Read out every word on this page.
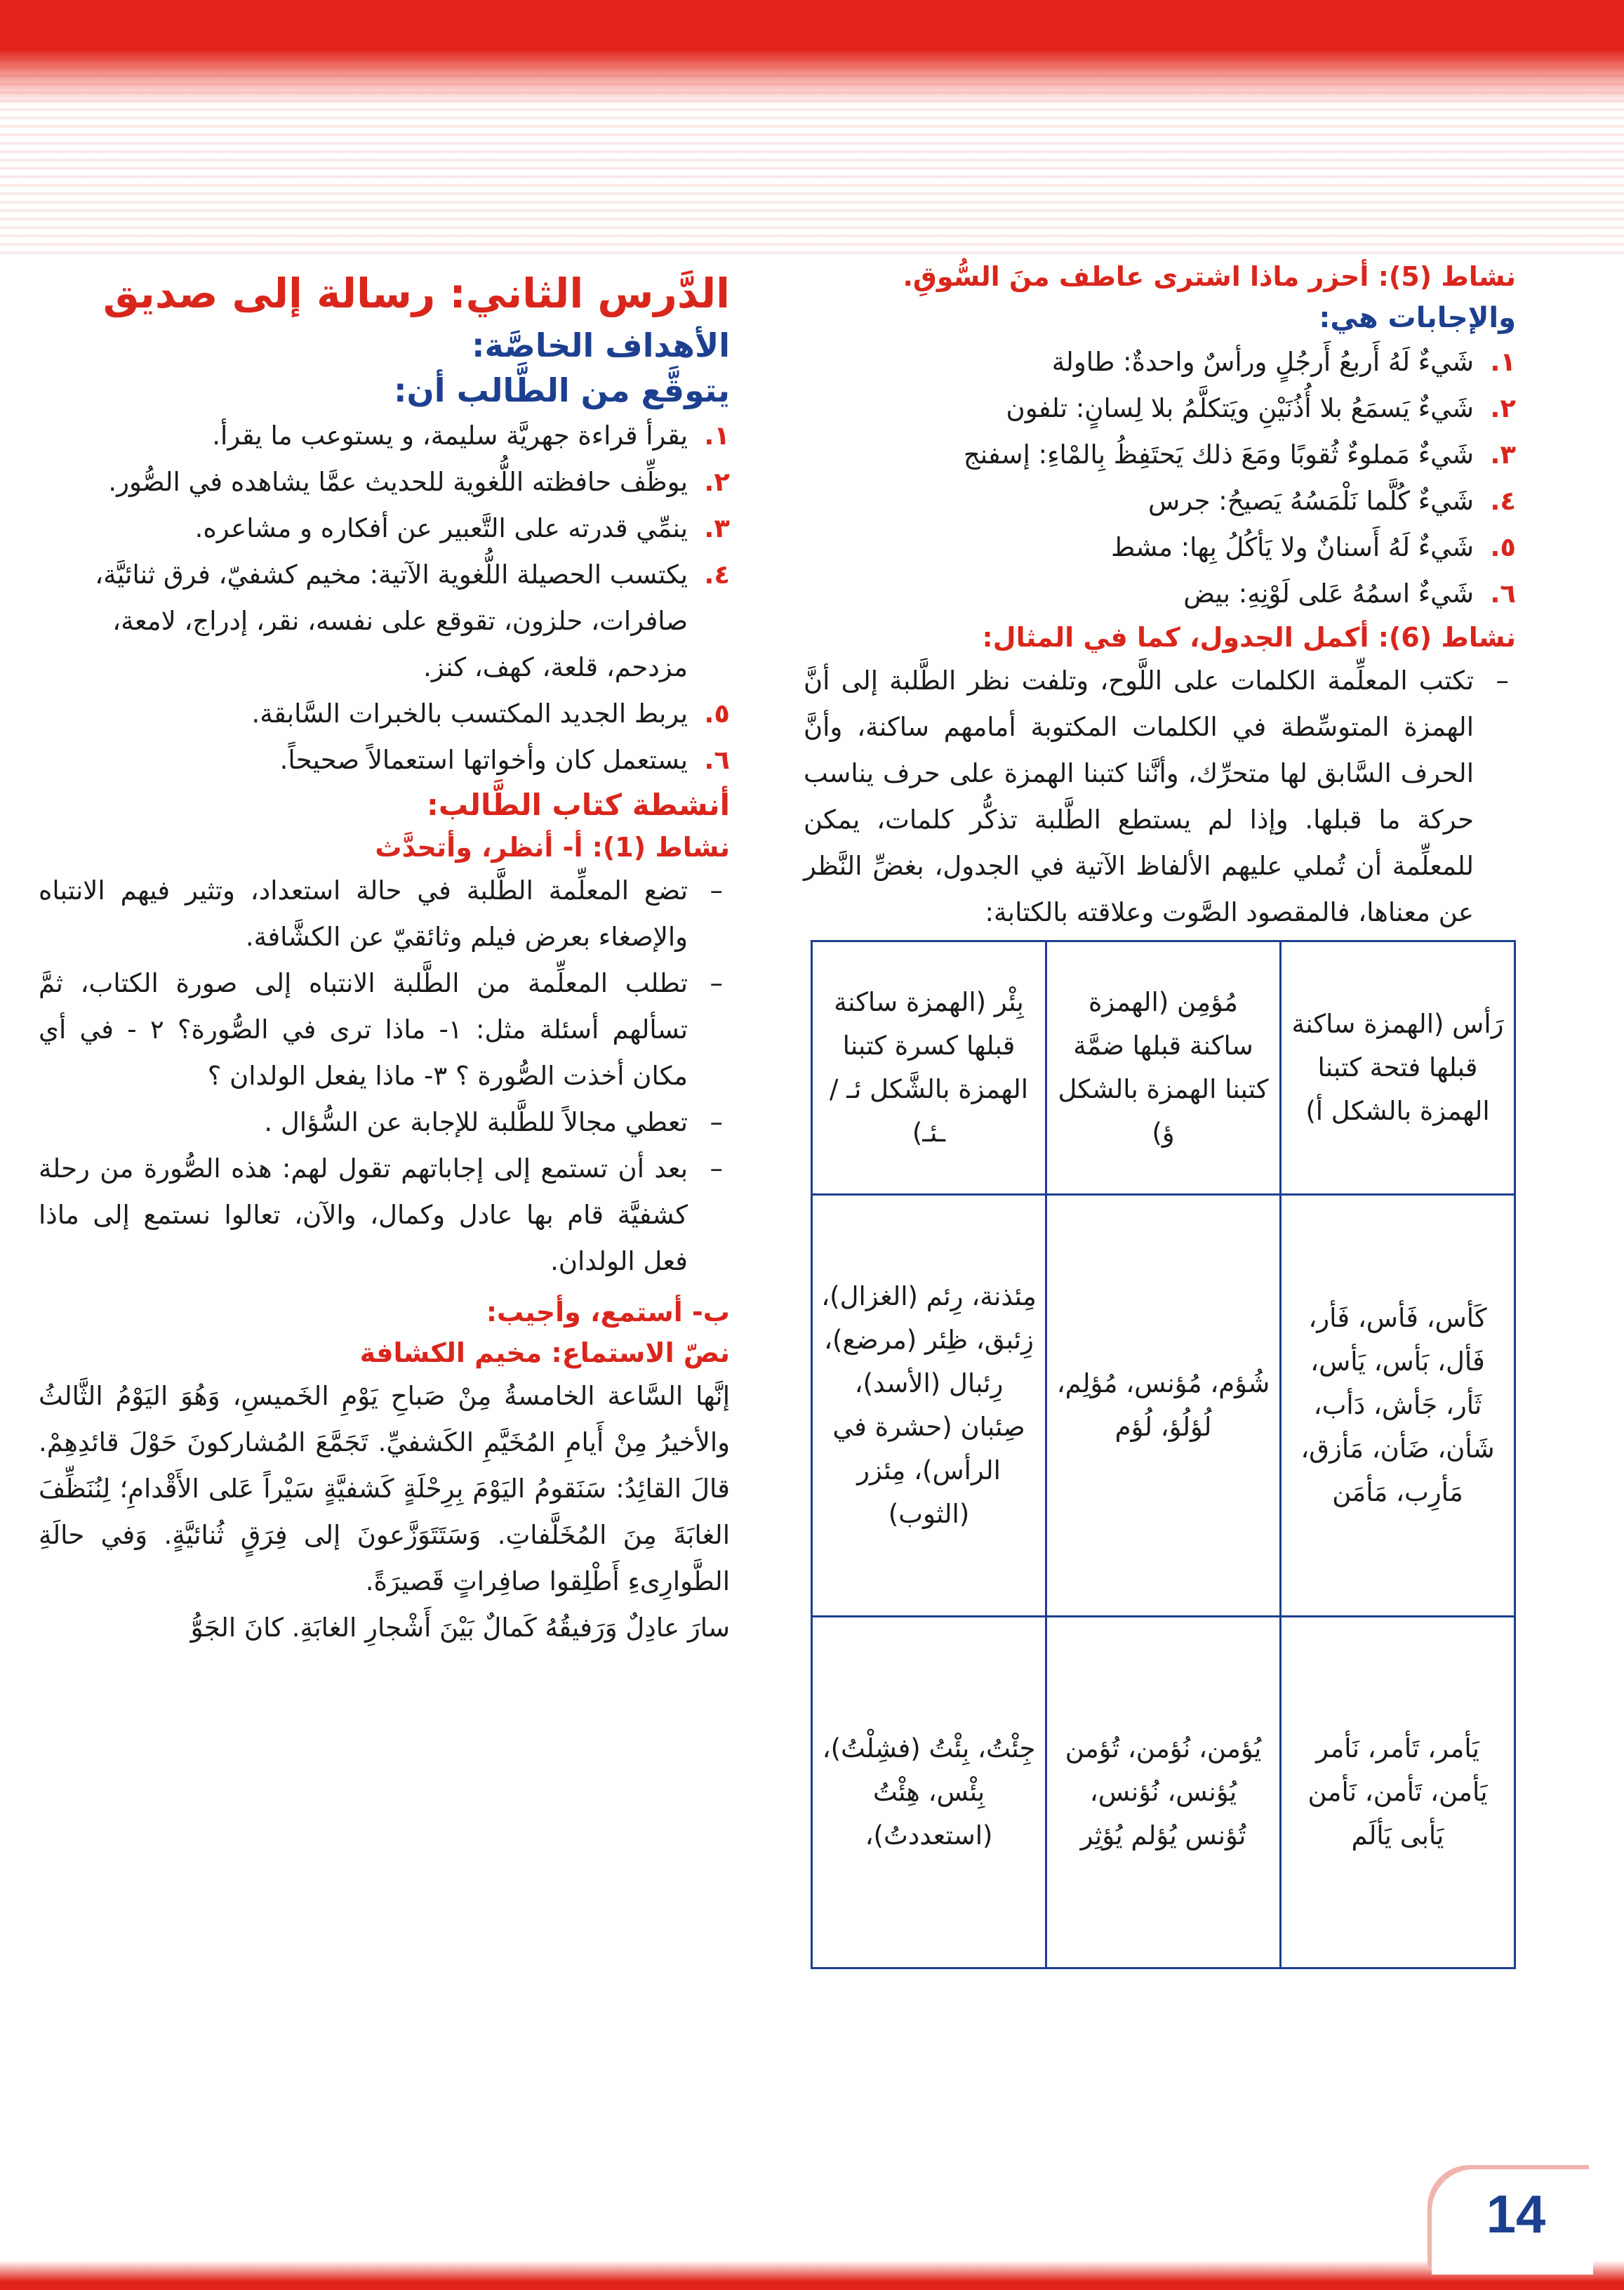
14

نشاط (5): أحزر ماذا اشترى عاطف منَ السُّوقِ.

والإجابات هي:

١.
شَيءٌ لَهُ أَربعُ أَرجُلٍ ورأسٌ واحدةٌ: طاولة
٢.
شَيءٌ يَسمَعُ بلا أُذُنَيْنِ ويَتكلَّمُ بلا لِسانٍ: تلفون
٣.
شَيءٌ مَملوءٌ ثُقوبًا ومَعَ ذلك يَحتَفِظُ بِالمْاءِ: إسفنج
٤.
شَيءٌ كُلَّما نَلْمَسُهُ يَصيحُ: جرس
٥.
شَيءٌ لَهُ أَسنانٌ ولا يَأكُلُ بِها: مشط
٦.
شَيءٌ اسمُهُ عَلى لَوْنِهِ: بيض

نشاط (6): أكمل الجدول، كما في المثال:

– تكتب المعلِّمة الكلمات على اللَّوح، وتلفت نظر الطَّلبة إلى أنَّ الهمزة المتوسِّطة في الكلمات المكتوبة أمامهم ساكنة، وأنَّ الحرف السَّابق لها متحرِّك، وأنَّنا كتبنا الهمزة على حرف يناسب حركة ما قبلها. وإذا لم يستطع الطَّلبة تذكُّر كلمات، يمكن للمعلِّمة أن تُملي عليهم الألفاظ الآتية في الجدول، بغضِّ النَّظر عن معناها، فالمقصود الصَّوت وعلاقته بالكتابة:
رَأس (الهمزة ساكنة قبلها فتحة كتبنا الهمزة بالشكل أ)	مُؤمِن (الهمزة ساكنة قبلها ضمَّة كتبنا الهمزة بالشكل ؤ)	بِئْر (الهمزة ساكنة قبلها كسرة كتبنا الهمزة بالشَّكل ئـ / ـئـ)
كَأس، فَأس، فَأر، فَأل، بَأس، يَأس، ثَأر، جَأش، دَأب، شَأن، ضَأن، مَأزق، مَأرِب، مَأمَن	شُؤم، مُؤنس، مُؤلِم، لُؤلُؤ، لُؤم	مِئذنة، رِئم (الغزال)، زِئبق، ظِئر (مرضع)، رِئبال (الأسد)، صِئبان (حشرة في الرأس)، مِئزر (الثوب)
يَأمر، تَأمر، نَأمر يَأمن، تَأمن، نَأمن يَأبى يَألَم	يُؤمن، نُؤمن، تُؤمن يُؤنس، نُؤنس، تُؤنس يُؤلم يُؤثِر	جِئْتُ، بِئْتُ (فشِلْتُ)، بِئْس، هِئْتُ (استعددتُ)،

الدَّرس الثاني: رسالة إلى صديق

الأهداف الخاصَّة:

يتوقَّع من الطَّالب أن:

١.
يقرأ قراءة جهريَّة سليمة، و يستوعب ما يقرأ.
٢.
يوظِّف حافظته اللُّغوية للحديث عمَّا يشاهده في الصُّور.
٣.
ينمِّي قدرته على التَّعبير عن أفكاره و مشاعره.
٤.
يكتسب الحصيلة اللُّغوية الآتية: مخيم كشفيّ، فرق ثنائيَّة، صافرات، حلزون، تقوقع على نفسه، نقر، إدراج، لامعة، مزدحم، قلعة، كهف، كنز.
٥.
يربط الجديد المكتسب بالخبرات السَّابقة.
٦.
يستعمل كان وأخواتها استعمالاً صحيحاً.

أنشطة كتاب الطَّالب:

نشاط (1): أ- أنظر، وأتحدَّث

– تضع المعلِّمة الطَّلبة في حالة استعداد، وتثير فيهم الانتباه والإصغاء بعرض فيلم وثائقيّ عن الكشَّافة.
– تطلب المعلِّمة من الطَّلبة الانتباه إلى صورة الكتاب، ثمَّ تسألهم أسئلة مثل: ١- ماذا ترى في الصُّورة؟ ٢ - في أي مكان أخذت الصُّورة ؟ ٣- ماذا يفعل الولدان ؟
– تعطي مجالاً للطَّلبة للإجابة عن السُّؤال .
– بعد أن تستمع إلى إجاباتهم تقول لهم: هذه الصُّورة من رحلة كشفيَّة قام بها عادل وكمال، والآن، تعالوا نستمع إلى ماذا فعل الولدان.

ب- أستمع، وأجيب:

نصّ الاستماع: مخيم الكشافة

إنَّها السَّاعة الخامسةُ مِنْ صَباحِ يَوْمِ الخَميسِ، وَهُوَ اليَوْمُ الثَّالثُ والأخيرُ مِنْ أَيامِ المُخَيَّمِ الكَشفيِّ. تَجَمَّعَ المُشاركونَ حَوْلَ قائدِهِمْ. قالَ القائِدُ: سَنَقومُ اليَوْمَ بِرِحْلَةٍ كَشفيَّةٍ سَيْراً عَلى الأَقْدامِ؛ لِنُنَظِّفَ الغابَةَ مِنَ المُخَلَّفاتِ. وَسَتَتَوَزَّعونَ إلى فِرَقٍ ثُنائيَّةٍ. وَفي حالَةِ الطَّوارِىءِ أَطْلِقوا صافِراتٍ قَصيرَةً.

سارَ عادِلٌ وَرَفيقُهُ كَمالٌ بَيْنَ أَشْجارِ الغابَةِ. كانَ الجَوُّ
